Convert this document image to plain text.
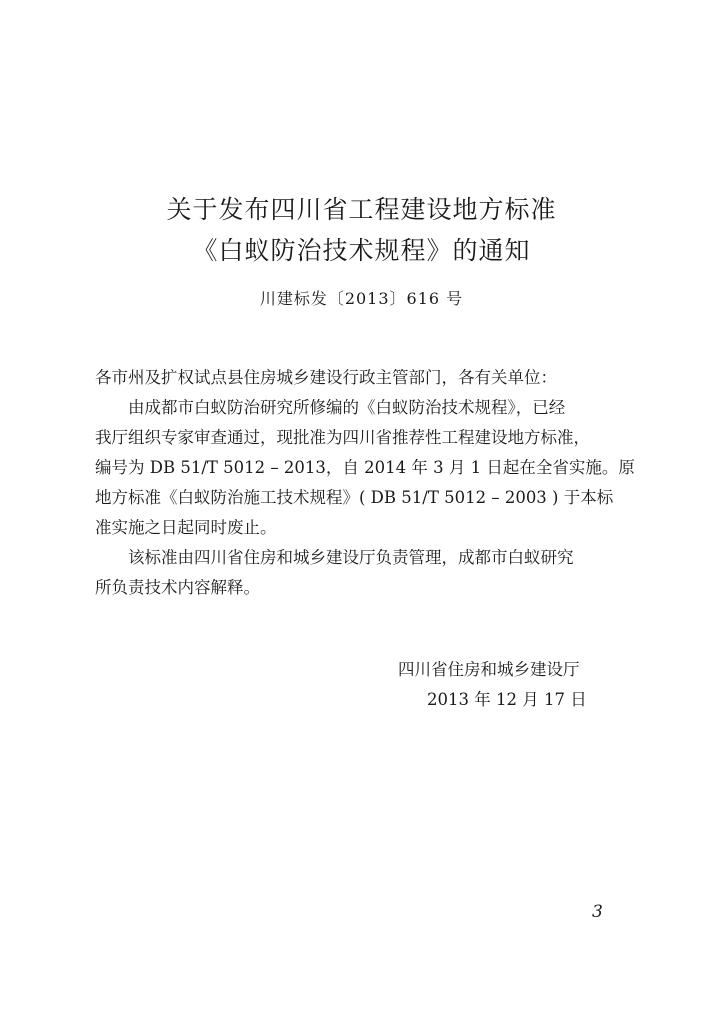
关于发布四川省工程建设地方标准
《白蚁防治技术规程》的通知
川建标发〔2013〕616 号
各市州及扩权试点县住房城乡建设行政主管部门，各有关单位：
　　由成都市白蚁防治研究所修编的《白蚁防治技术规程》，已经
我厅组织专家审查通过，现批准为四川省推荐性工程建设地方标准，
编号为 DB 51/T 5012 – 2013，自 2014 年 3 月 1 日起在全省实施。原
地方标准《白蚁防治施工技术规程》( DB 51/T 5012 – 2003 ) 于本标
准实施之日起同时废止。
　　该标准由四川省住房和城乡建设厅负责管理，成都市白蚁研究
所负责技术内容解释。
四川省住房和城乡建设厅
2013 年 12 月 17 日
3
